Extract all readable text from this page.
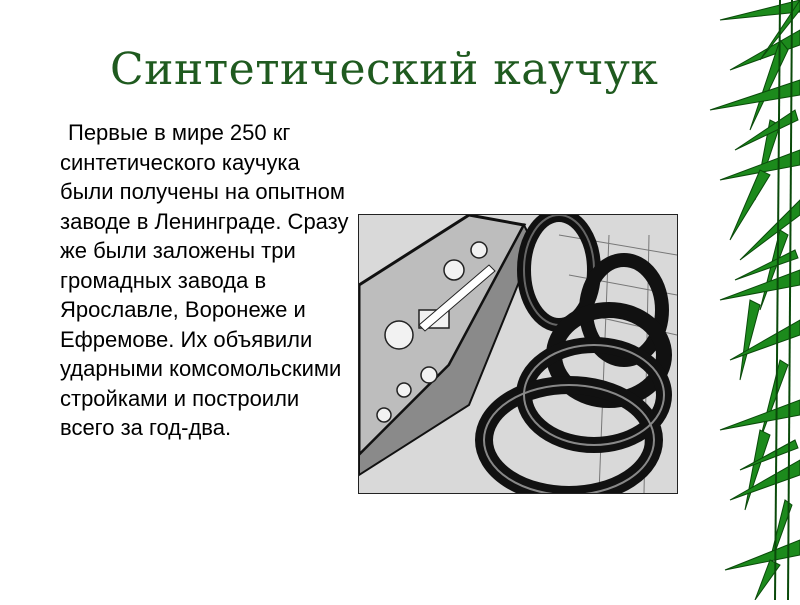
Синтетический каучук
Первые в мире 250 кг синтетического каучука были получены на опытном заводе в Ленинграде. Сразу же были заложены три громадных завода в Ярославле, Воронеже и Ефремове. Их объявили ударными комсомольскими стройками и построили всего за год-два.
